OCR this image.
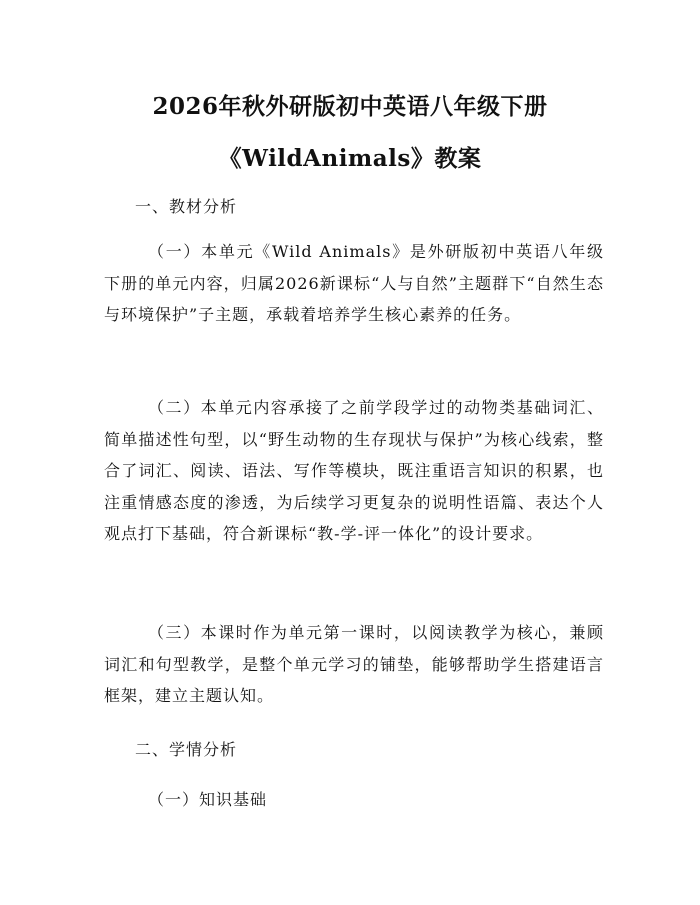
2026年秋外研版初中英语八年级下册
《WildAnimals》教案
一、教材分析
（一）本单元《Wild Animals》是外研版初中英语八年级下册的单元内容，归属2026新课标“人与自然”主题群下“自然生态与环境保护”子主题，承载着培养学生核心素养的任务。
（二）本单元内容承接了之前学段学过的动物类基础词汇、简单描述性句型，以“野生动物的生存现状与保护”为核心线索，整合了词汇、阅读、语法、写作等模块，既注重语言知识的积累，也注重情感态度的渗透，为后续学习更复杂的说明性语篇、表达个人观点打下基础，符合新课标“教-学-评一体化”的设计要求。
（三）本课时作为单元第一课时，以阅读教学为核心，兼顾词汇和句型教学，是整个单元学习的铺垫，能够帮助学生搭建语言框架，建立主题认知。
二、学情分析
（一）知识基础
